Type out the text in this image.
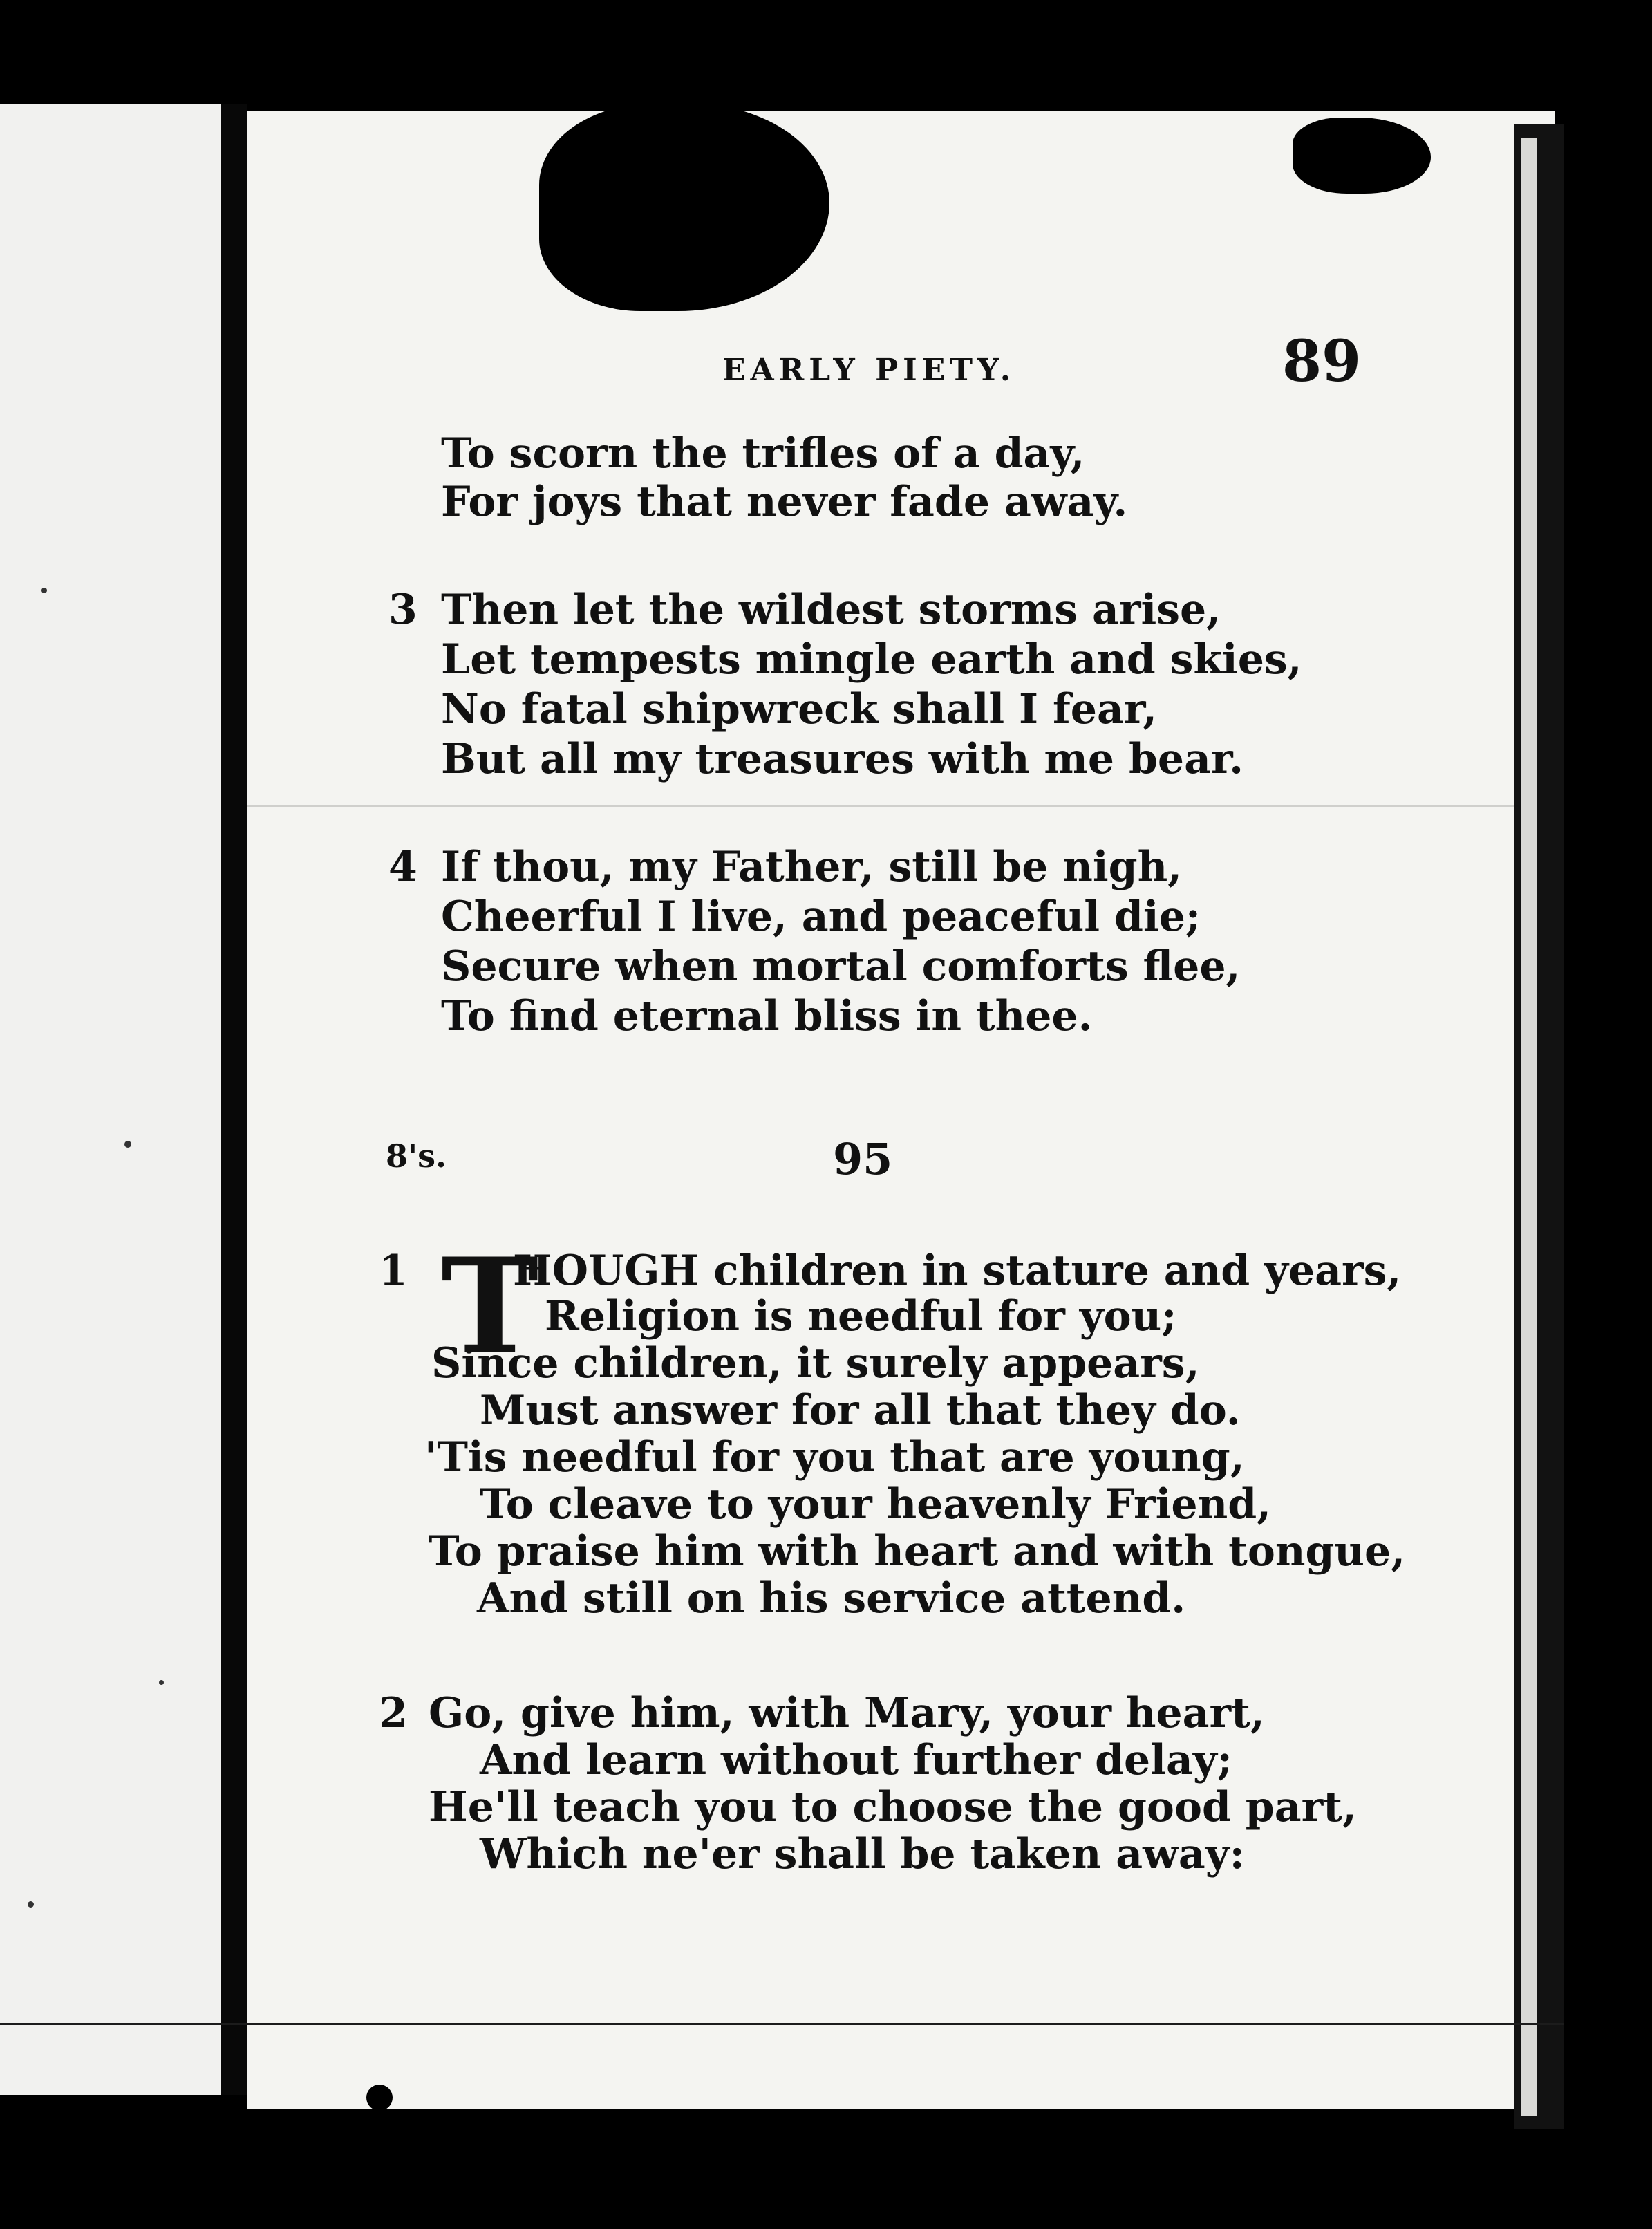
EARLY PIETY.	89
To scorn the trifles of a day,
For joys that never fade away.
3 Then let the wildest storms arise,
Let tempests mingle earth and skies,
No fatal shipwreck shall I fear,
But all my treasures with me bear.
4 If thou, my Father, still be nigh,
Cheerful I live, and peaceful die;
Secure when mortal comforts flee,
To find eternal bliss in thee.
8's.	95
1 T
HOUGH children in stature and years,
Religion is needful for you;
Since children, it surely appears,
Must answer for all that they do.
'Tis needful for you that are young,
To cleave to your heavenly Friend,
To praise him with heart and with tongue,
And still on his service attend.
2 Go, give him, with Mary, your heart,
And learn without further delay;
He'll teach you to choose the good part,
Which ne'er shall be taken away:
